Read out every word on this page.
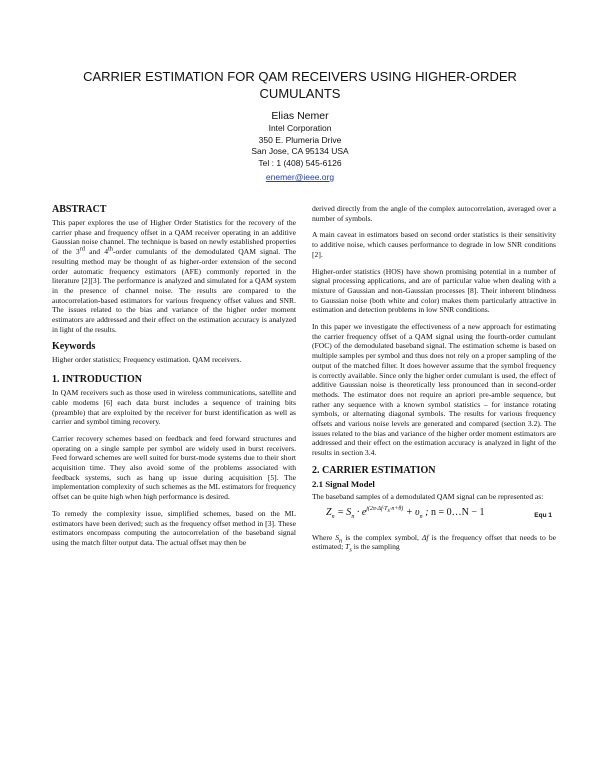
CARRIER ESTIMATION FOR QAM RECEIVERS USING HIGHER-ORDER CUMULANTS
Elias Nemer
Intel Corporation
350 E. Plumeria Drive
San Jose, CA 95134 USA
Tel : 1 (408) 545-6126
enemer@ieee.org
ABSTRACT

This paper explores the use of Higher Order Statistics for the recovery of the carrier phase and frequency offset in a QAM receiver operating in an additive Gaussian noise channel. The technique is based on newly established properties of the 3rd and 4th-order cumulants of the demodulated QAM signal. The resulting method may be thought of as higher-order extension of the second order automatic frequency estimators (AFE) commonly reported in the literature [2][3]. The performance is analyzed and simulated for a QAM system in the presence of channel noise. The results are compared to the autocorrelation-based estimators for various frequency offset values and SNR. The issues related to the bias and variance of the higher order moment estimators are addressed and their effect on the estimation accuracy is analyzed in light of the results.

Keywords

Higher order statistics; Frequency estimation. QAM receivers.

1. INTRODUCTION

In QAM receivers such as those used in wireless communications, satellite and cable modems [6] each data burst includes a sequence of training bits (preamble) that are exploited by the receiver for burst identification as well as carrier and symbol timing recovery.

Carrier recovery schemes based on feedback and feed forward structures and operating on a single sample per symbol are widely used in burst receivers. Feed forward schemes are well suited for burst-mode systems due to their short acquisition time. They also avoid some of the problems associated with feedback systems, such as hang up issue during acquisition [5]. The implementation complexity of such schemes as the ML estimators for frequency offset can be quite high when high performance is desired.

To remedy the complexity issue, simplified schemes, based on the ML estimators have been derived; such as the frequency offset method in [3]. These estimators encompass computing the autocorrelation of the baseband signal using the match filter output data. The actual offset may then be

derived directly from the angle of the complex autocorrelation, averaged over a number of symbols.

A main caveat in estimators based on second order statistics is their sensitivity to additive noise, which causes performance to degrade in low SNR conditions [2].

Higher-order statistics (HOS) have shown promising potential in a number of signal processing applications, and are of particular value when dealing with a mixture of Gaussian and non-Gaussian processes [8]. Their inherent blindness to Gaussian noise (both white and color) makes them particularly attractive in estimation and detection problems in low SNR conditions.

In this paper we investigate the effectiveness of a new approach for estimating the carrier frequency offset of a QAM signal using the fourth-order cumulant (FOC) of the demodulated baseband signal. The estimation scheme is based on multiple samples per symbol and thus does not rely on a proper sampling of the output of the matched filter. It does however assume that the symbol frequency is correctly available. Since only the higher order cumulant is used, the effect of additive Gaussian noise is theoretically less pronounced than in second-order methods. The estimator does not require an apriori pre-amble sequence, but rather any sequence with a known symbol statistics – for instance rotating symbols, or alternating diagonal symbols. The results for various frequency offsets and various noise levels are generated and compared (section 3.2). The issues related to the bias and variance of the higher order moment estimators are addressed and their effect on the estimation accuracy is analyzed in light of the results in section 3.4.

2. CARRIER ESTIMATION
2.1 Signal Model

The baseband samples of a demodulated QAM signal can be represented as:

$Z_n = S_n \cdot e^{j(2\pi\cdot\Delta f\cdot T_s\cdot n+\theta)} + \upsilon_n$ ; n = 0…N − 1	Equ 1

Where $S_n$ is the complex symbol, Δf is the frequency offset that needs to be estimated; $T_s$ is the sampling
